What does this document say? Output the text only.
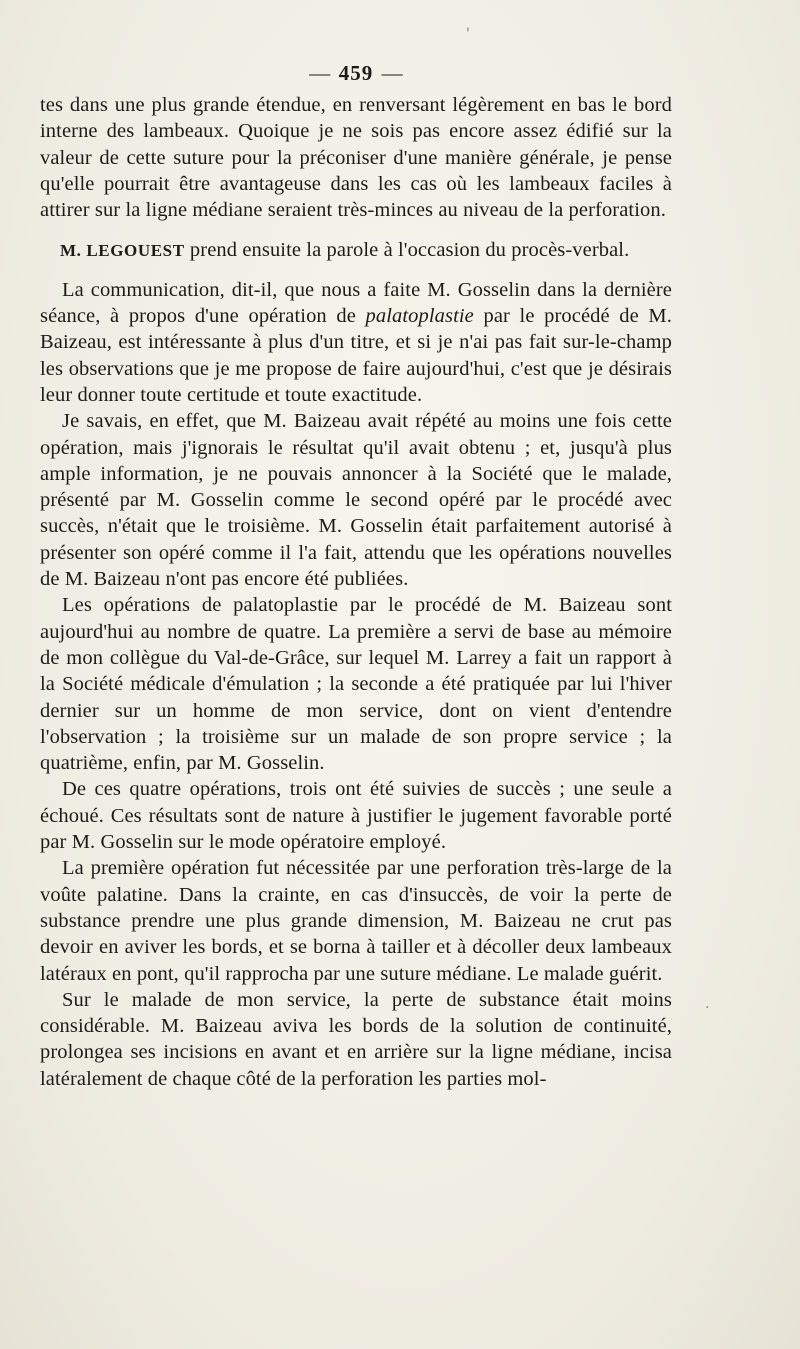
'
·
— 459 —

tes dans une plus grande étendue, en renversant légèrement en bas le bord interne des lambeaux. Quoique je ne sois pas encore assez édifié sur la valeur de cette suture pour la préconiser d'une manière générale, je pense qu'elle pourrait être avantageuse dans les cas où les lambeaux faciles à attirer sur la ligne médiane seraient très-minces au niveau de la perforation.

M. LEGOUEST prend ensuite la parole à l'occasion du procès-verbal.

La communication, dit-il, que nous a faite M. Gosselin dans la dernière séance, à propos d'une opération de palatoplastie par le procédé de M. Baizeau, est intéressante à plus d'un titre, et si je n'ai pas fait sur-le-champ les observations que je me propose de faire aujourd'hui, c'est que je désirais leur donner toute certitude et toute exactitude.

Je savais, en effet, que M. Baizeau avait répété au moins une fois cette opération, mais j'ignorais le résultat qu'il avait obtenu ; et, jusqu'à plus ample information, je ne pouvais annoncer à la Société que le malade, présenté par M. Gosselin comme le second opéré par le procédé avec succès, n'était que le troisième. M. Gosselin était parfaitement autorisé à présenter son opéré comme il l'a fait, attendu que les opérations nouvelles de M. Baizeau n'ont pas encore été publiées.

Les opérations de palatoplastie par le procédé de M. Baizeau sont aujourd'hui au nombre de quatre. La première a servi de base au mémoire de mon collègue du Val-de-Grâce, sur lequel M. Larrey a fait un rapport à la Société médicale d'émulation ; la seconde a été pratiquée par lui l'hiver dernier sur un homme de mon service, dont on vient d'entendre l'observation ; la troisième sur un malade de son propre service ; la quatrième, enfin, par M. Gosselin.

De ces quatre opérations, trois ont été suivies de succès ; une seule a échoué. Ces résultats sont de nature à justifier le jugement favorable porté par M. Gosselin sur le mode opératoire employé.

La première opération fut nécessitée par une perforation très-large de la voûte palatine. Dans la crainte, en cas d'insuccès, de voir la perte de substance prendre une plus grande dimension, M. Baizeau ne crut pas devoir en aviver les bords, et se borna à tailler et à décoller deux lambeaux latéraux en pont, qu'il rapprocha par une suture médiane. Le malade guérit.

Sur le malade de mon service, la perte de substance était moins considérable. M. Baizeau aviva les bords de la solution de continuité, prolongea ses incisions en avant et en arrière sur la ligne médiane, incisa latéralement de chaque côté de la perforation les parties mol-
